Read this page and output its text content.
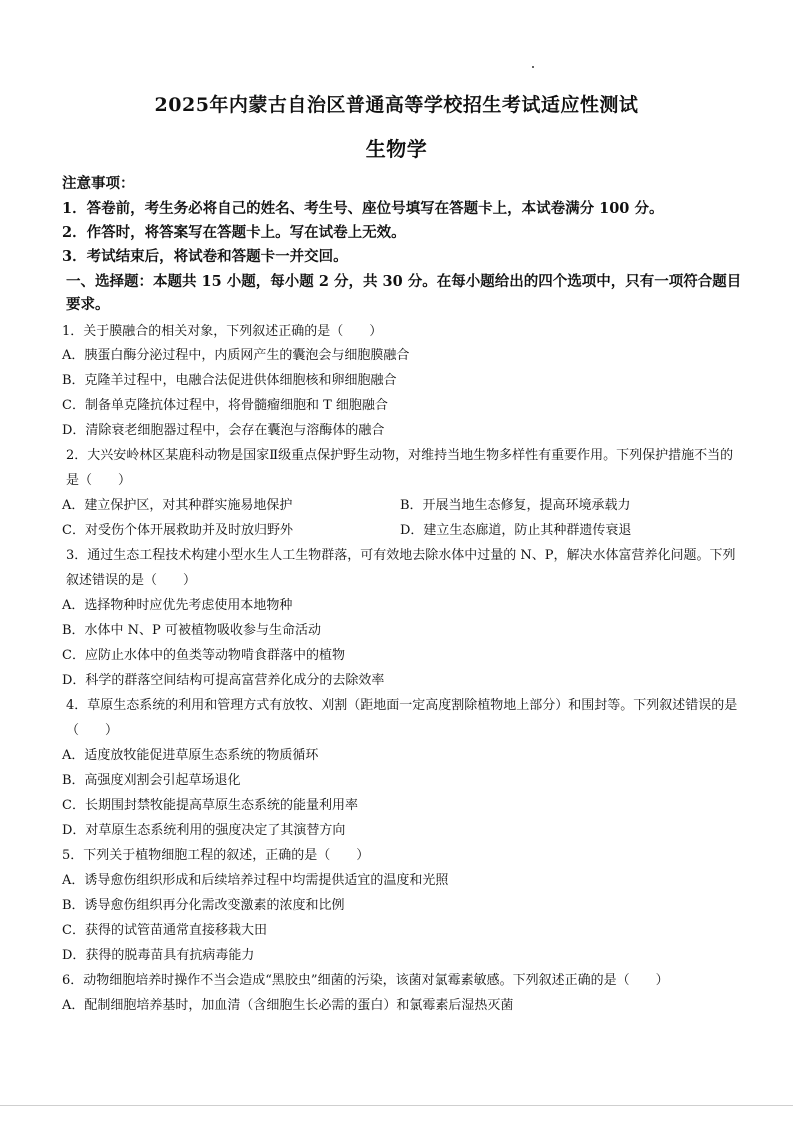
2025年内蒙古自治区普通高等学校招生考试适应性测试
生物学
注意事项：
1．答卷前，考生务必将自己的姓名、考生号、座位号填写在答题卡上，本试卷满分 100 分。
2．作答时，将答案写在答题卡上。写在试卷上无效。
3．考试结束后，将试卷和答题卡一并交回。
一、选择题：本题共 15 小题，每小题 2 分，共 30 分。在每小题给出的四个选项中，只有一项符合题目要求。
1．关于膜融合的相关对象，下列叙述正确的是（　　）
A．胰蛋白酶分泌过程中，内质网产生的囊泡会与细胞膜融合
B．克隆羊过程中，电融合法促进供体细胞核和卵细胞融合
C．制备单克隆抗体过程中，将骨髓瘤细胞和 T 细胞融合
D．清除衰老细胞器过程中，会存在囊泡与溶酶体的融合
2．大兴安岭林区某鹿科动物是国家Ⅱ级重点保护野生动物，对维持当地生物多样性有重要作用。下列保护措施不当的是（　　）
A．建立保护区，对其种群实施易地保护	B．开展当地生态修复，提高环境承载力
C．对受伤个体开展救助并及时放归野外	D．建立生态廊道，防止其种群遗传衰退
3．通过生态工程技术构建小型水生人工生物群落，可有效地去除水体中过量的 N、P，解决水体富营养化问题。下列叙述错误的是（　　）
A．选择物种时应优先考虑使用本地物种
B．水体中 N、P 可被植物吸收参与生命活动
C．应防止水体中的鱼类等动物啃食群落中的植物
D．科学的群落空间结构可提高富营养化成分的去除效率
4．草原生态系统的利用和管理方式有放牧、刈割（距地面一定高度割除植物地上部分）和围封等。下列叙述错误的是（　　）
A．适度放牧能促进草原生态系统的物质循环
B．高强度刈割会引起草场退化
C．长期围封禁牧能提高草原生态系统的能量利用率
D．对草原生态系统利用的强度决定了其演替方向
5．下列关于植物细胞工程的叙述，正确的是（　　）
A．诱导愈伤组织形成和后续培养过程中均需提供适宜的温度和光照
B．诱导愈伤组织再分化需改变激素的浓度和比例
C．获得的试管苗通常直接移栽大田
D．获得的脱毒苗具有抗病毒能力
6．动物细胞培养时操作不当会造成“黑胶虫”细菌的污染，该菌对氯霉素敏感。下列叙述正确的是（　　）
A．配制细胞培养基时，加血清（含细胞生长必需的蛋白）和氯霉素后湿热灭菌
